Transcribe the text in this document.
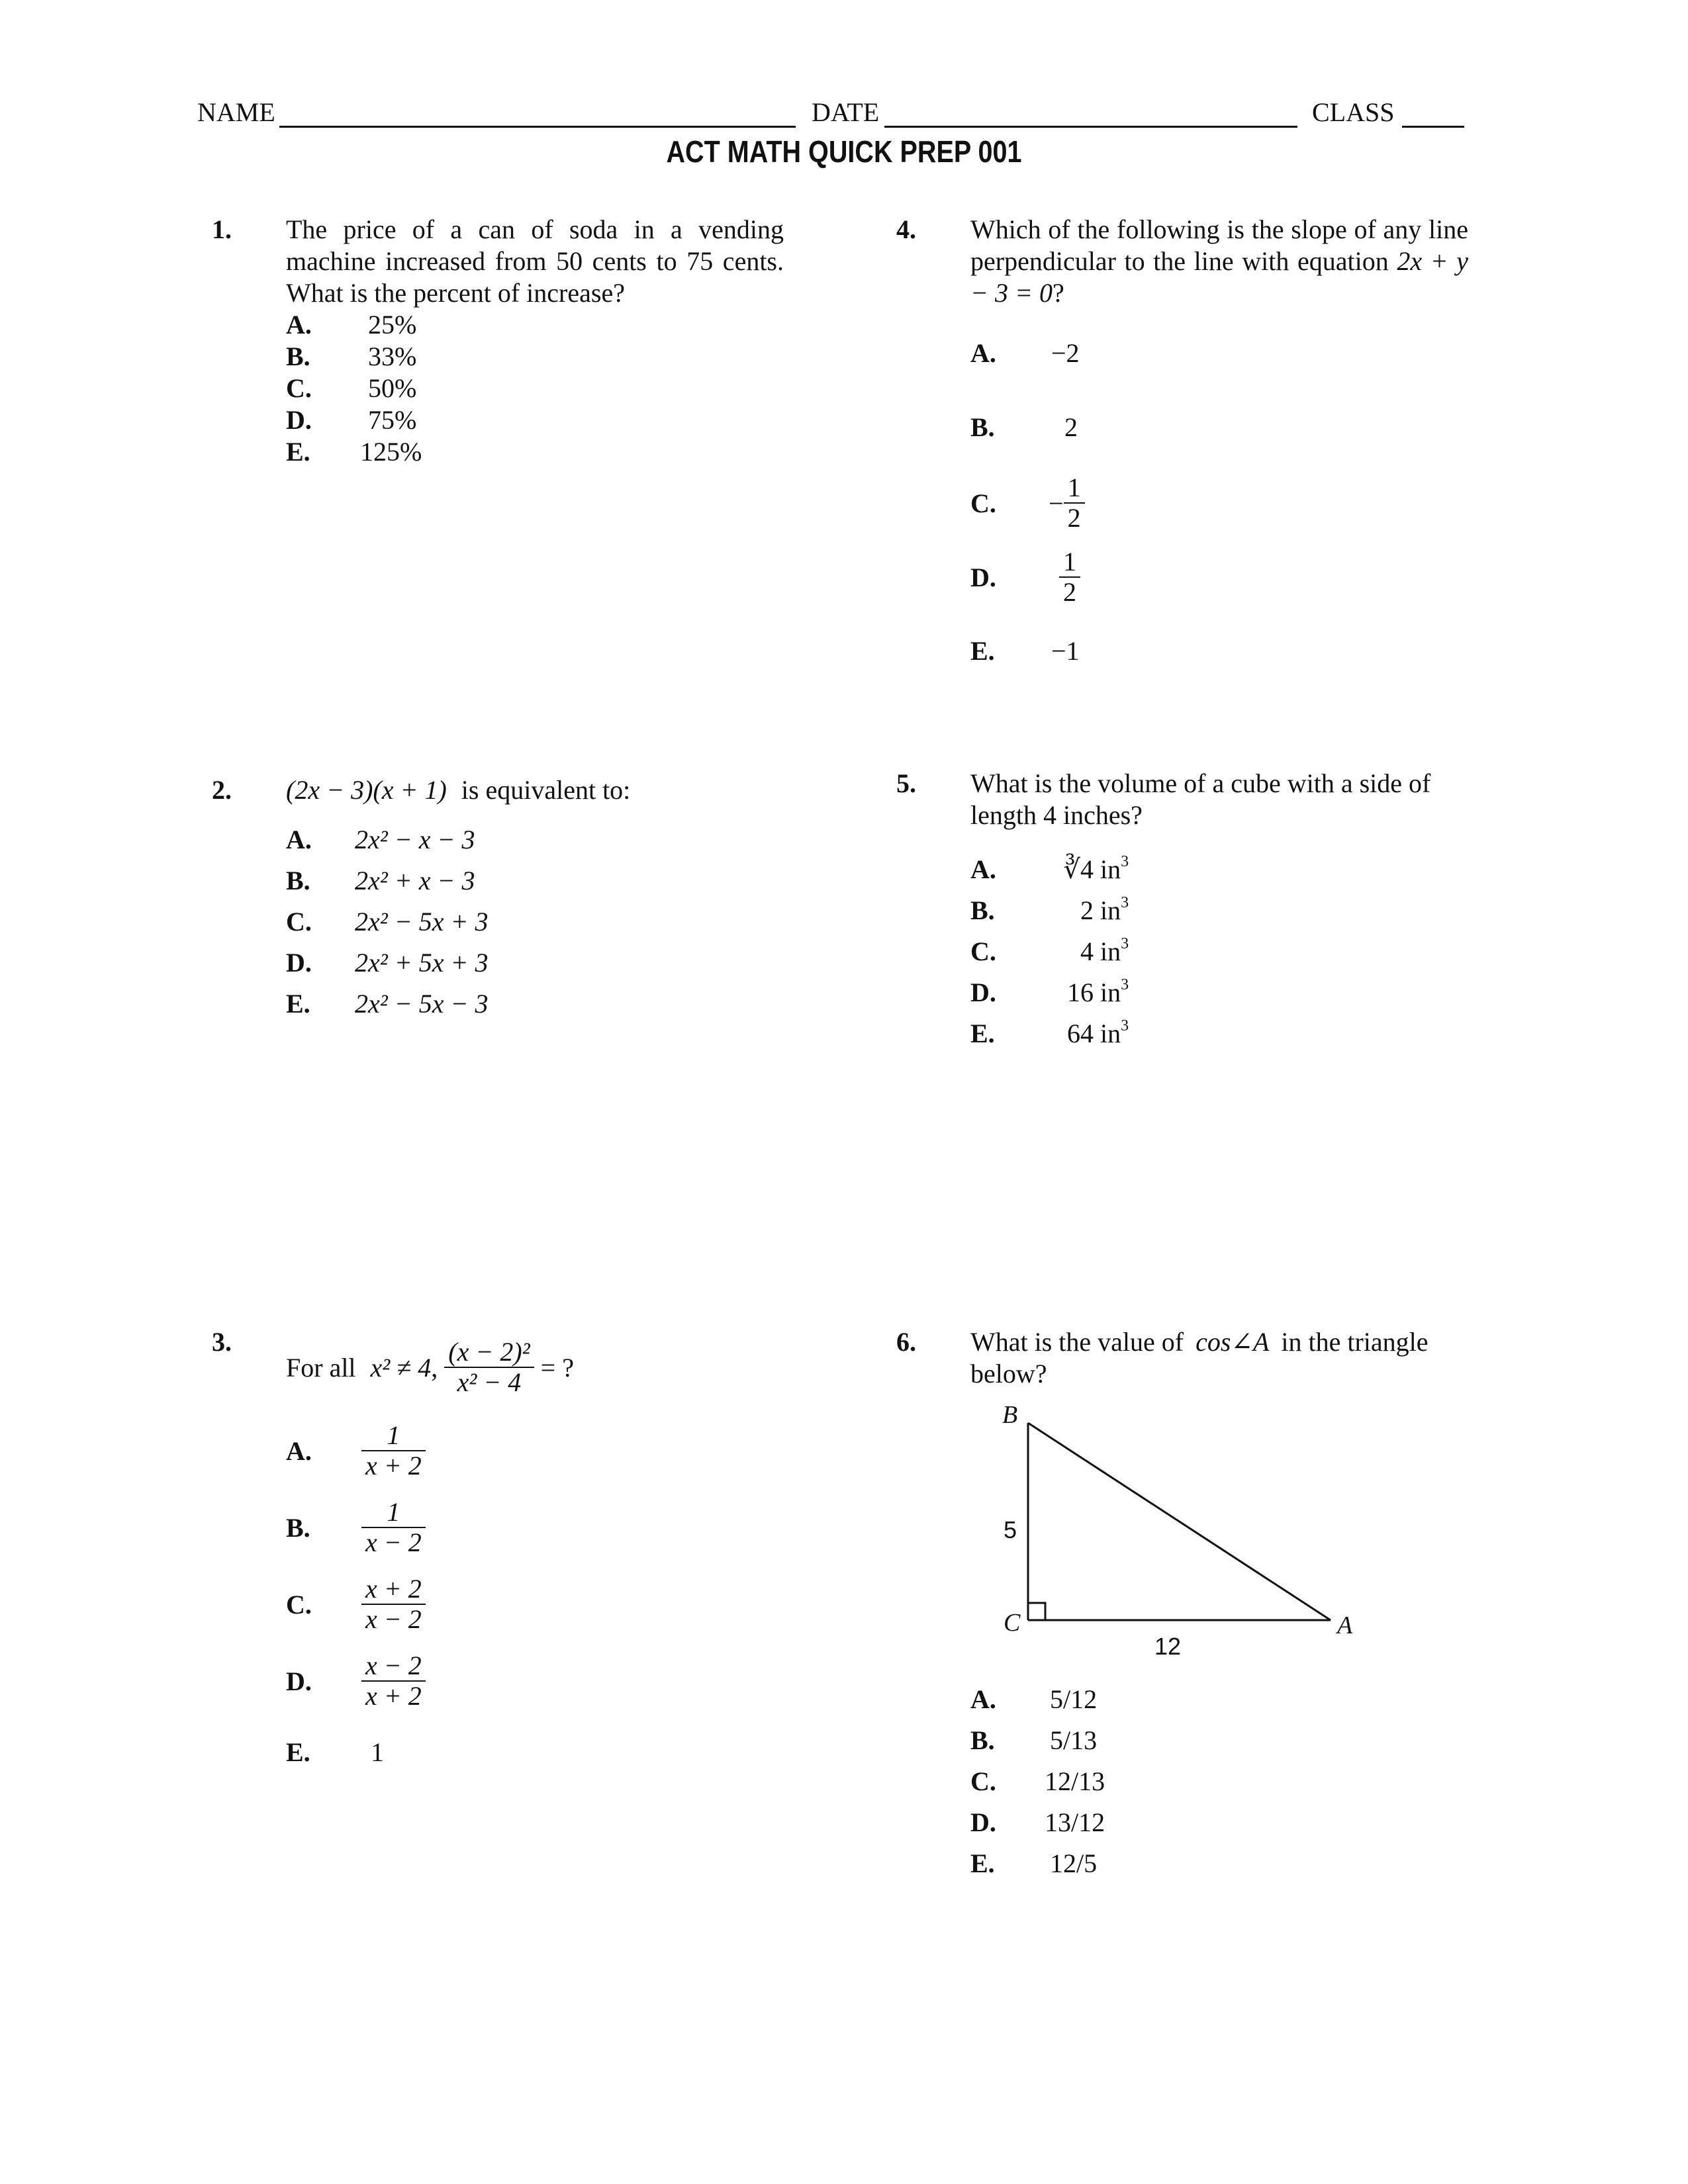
NAME	DATE	CLASS
ACT MATH QUICK PREP 001
1. The price of a can of soda in a vending machine increased from 50 cents to 75 cents. What is the percent of increase?
A. 25%
B. 33%
C. 50%
D. 75%
E. 125%
4. Which of the following is the slope of any line perpendicular to the line with equation 2x + y − 3 = 0?
A. −2
B.	2
C.	− $\frac{1}{2}$
D.	$\frac{1}{2}$
E. −1
2. (2x − 3)(x + 1) is equivalent to:
A. 2x² − x − 3
B. 2x² + x − 3
C. 2x² − 5x + 3
D. 2x² + 5x + 3
E. 2x² − 5x − 3
5. What is the volume of a cube with a side of length 4 inches?
A.	∛4 $in^3$
B.	2 $in^3$
C.	4 $in^3$
D.	16 $in^3$
E.	64 $in^3$
3.
For all x² ≠ 4 , $\frac{\text{(x − 2)²}}{\text{x² − 4}}$ = ?
A.	$\frac{1}{x + 2}$
B.	$\frac{1}{x - 2}$
C.	$\frac{x + 2}{x - 2}$
D.	$\frac{x - 2}{x + 2}$
E. 1
6. What is the value of cos∠A in the triangle below?
B
C	A
5
12
A. 5/12
B. 5/13
C. 12/13
D. 13/12
E. 12/5
